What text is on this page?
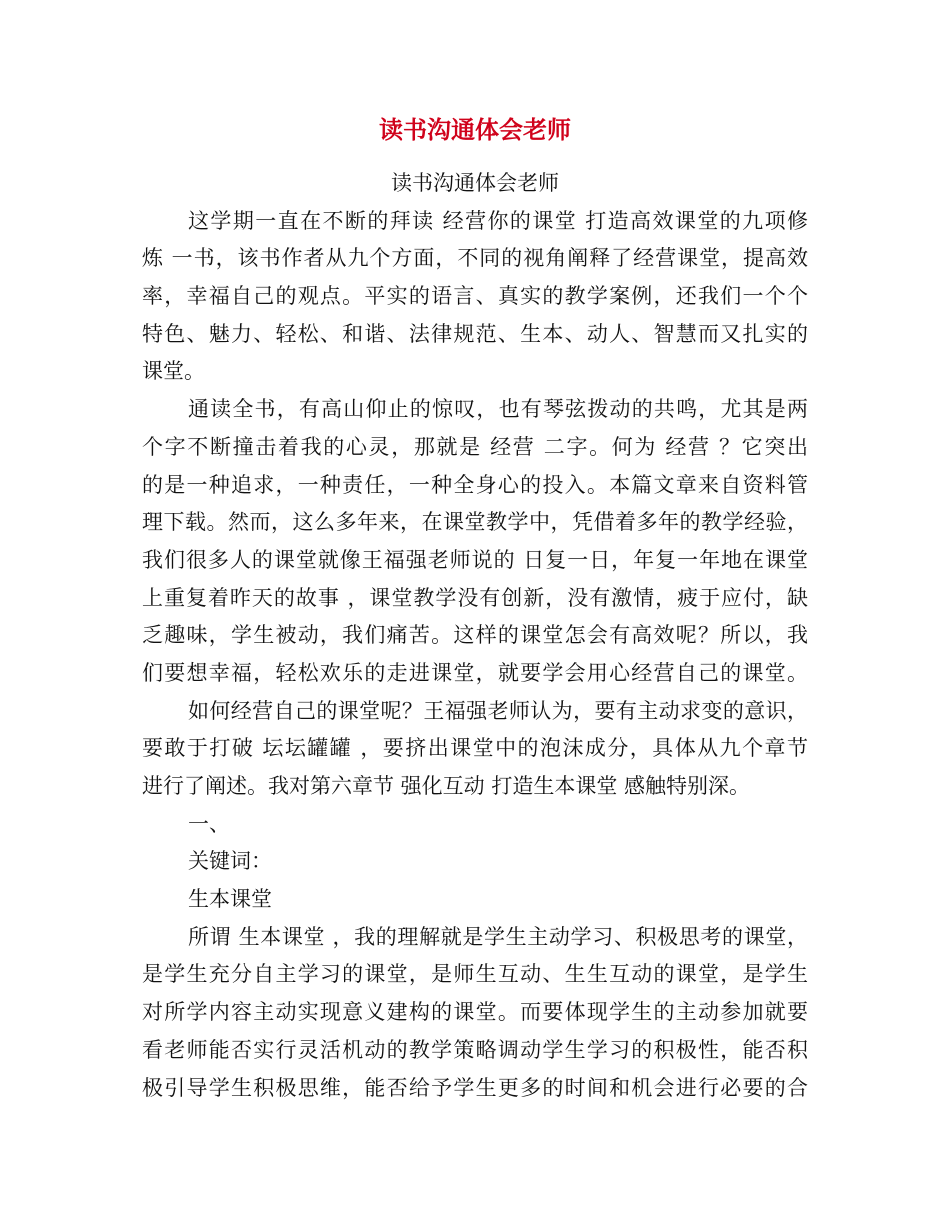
读书沟通体会老师
读书沟通体会老师
这学期一直在不断的拜读 经营你的课堂 打造高效课堂的九项修
炼 一书，该书作者从九个方面，不同的视角阐释了经营课堂，提高效
率，幸福自己的观点。平实的语言、真实的教学案例，还我们一个个
特色、魅力、轻松、和谐、法律规范、生本、动人、智慧而又扎实的
课堂。
通读全书，有高山仰止的惊叹，也有琴弦拨动的共鸣，尤其是两
个字不断撞击着我的心灵，那就是 经营 二字。何为 经营 ？它突出
的是一种追求，一种责任，一种全身心的投入。本篇文章来自资料管
理下载。然而，这么多年来，在课堂教学中，凭借着多年的教学经验，
我们很多人的课堂就像王福强老师说的 日复一日，年复一年地在课堂
上重复着昨天的故事 ，课堂教学没有创新，没有激情，疲于应付，缺
乏趣味，学生被动，我们痛苦。这样的课堂怎会有高效呢？所以，我
们要想幸福，轻松欢乐的走进课堂，就要学会用心经营自己的课堂。
如何经营自己的课堂呢？王福强老师认为，要有主动求变的意识，
要敢于打破 坛坛罐罐 ，要挤出课堂中的泡沫成分，具体从九个章节
进行了阐述。我对第六章节 强化互动 打造生本课堂 感触特别深。
一、
关键词：
生本课堂
所谓 生本课堂 ，我的理解就是学生主动学习、积极思考的课堂，
是学生充分自主学习的课堂，是师生互动、生生互动的课堂，是学生
对所学内容主动实现意义建构的课堂。而要体现学生的主动参加就要
看老师能否实行灵活机动的教学策略调动学生学习的积极性，能否积
极引导学生积极思维，能否给予学生更多的时间和机会进行必要的合
